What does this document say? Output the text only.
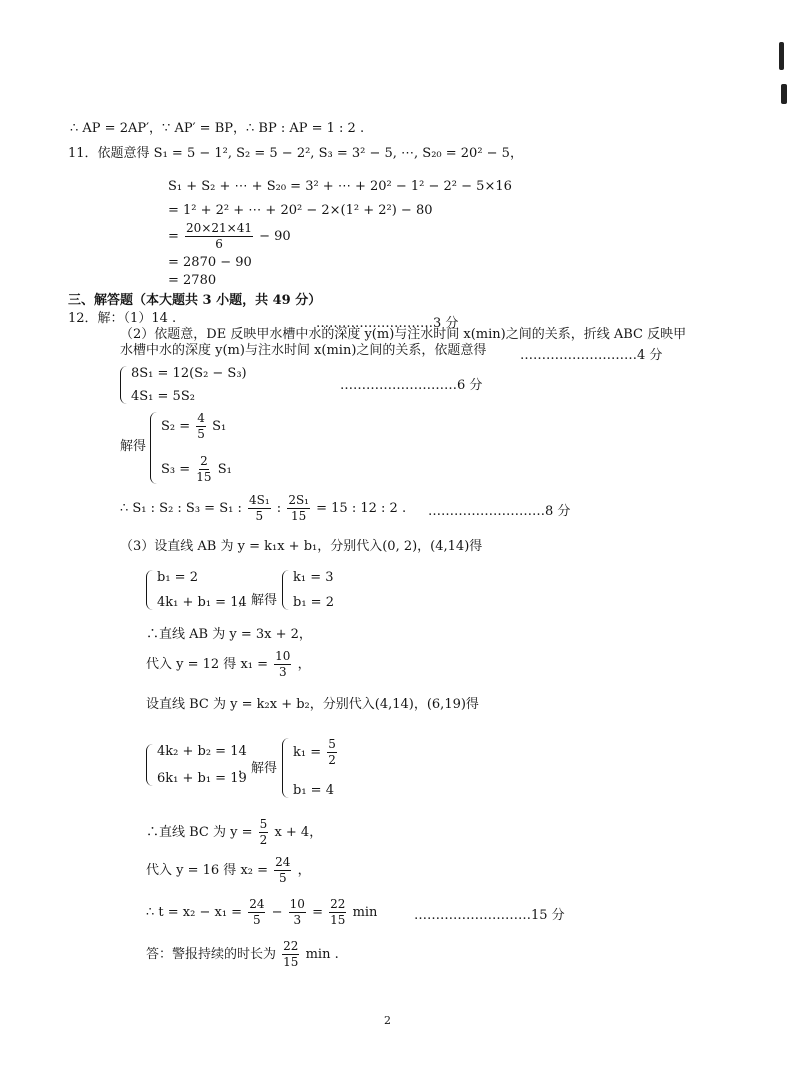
∴ AP = 2AP′，∵ AP′ = BP，∴ BP : AP = 1 : 2 .
11．依题意得 S₁ = 5 − 1², S₂ = 5 − 2², S₃ = 3² − 5, ⋯, S₂₀ = 20² − 5，
S₁ + S₂ + ⋯ + S₂₀ = 3² + ⋯ + 20² − 1² − 2² − 5×16
= 1² + 2² + ⋯ + 20² − 2×(1² + 2²) − 80
= $\frac{20\times 21\times 41}{6} - 90$
= 2870 − 90
= 2780
三、解答题（本大题共 3 小题，共 49 分）
12．解：（1）14 .	………………………3 分
（2）依题意，DE 反映甲水槽中水的深度 y(m)与注水时间 x(min)之间的关系，折线 ABC 反映甲
水槽中水的深度 y(m)与注水时间 x(min)之间的关系，依题意得	………………………4 分
8S₁ = 12(S₂ − S₃)
4S₁ = 5S₂
………………………6 分
解得
$S_2 = \frac{4}{5} S_1$
$S_3 = \frac{2}{15} S_1$
∴ S₁ : S₂ : S₃ = S₁ : $\frac{\text{4S₁}}{5}$ : $\frac{\text{2S₁}}{15} = 15$ : 12 : 2 . ………………………8 分
（3）设直线 AB 为 y = k₁x + b₁，分别代入(0, 2)，(4,14)得
b₁ = 2
4k₁ + b₁ = 14
，解得
k₁ = 3
b₁ = 2
∴直线 AB 为 y = 3x + 2，
代入 y = 12 得 $x_1 = \frac{10}{3}$ ，
设直线 BC 为 y = k₂x + b₂，分别代入(4,14)，(6,19)得
4k₂ + b₂ = 14
6k₁ + b₁ = 19
，解得
$k_1 = \frac{5}{2}$
b₁ = 4
∴直线 BC 为 $y = \frac{5}{2}$ x + 4，
代入 y = 16 得 $x_2 = \frac{24}{5}$ ，
∴ $t = x_2 - x_1 = \frac{24}{5} - \frac{10}{3} = \frac{22}{15}$ min	………………………15 分
答：警报持续的时长为 $\frac{22}{15}$ min .
2
